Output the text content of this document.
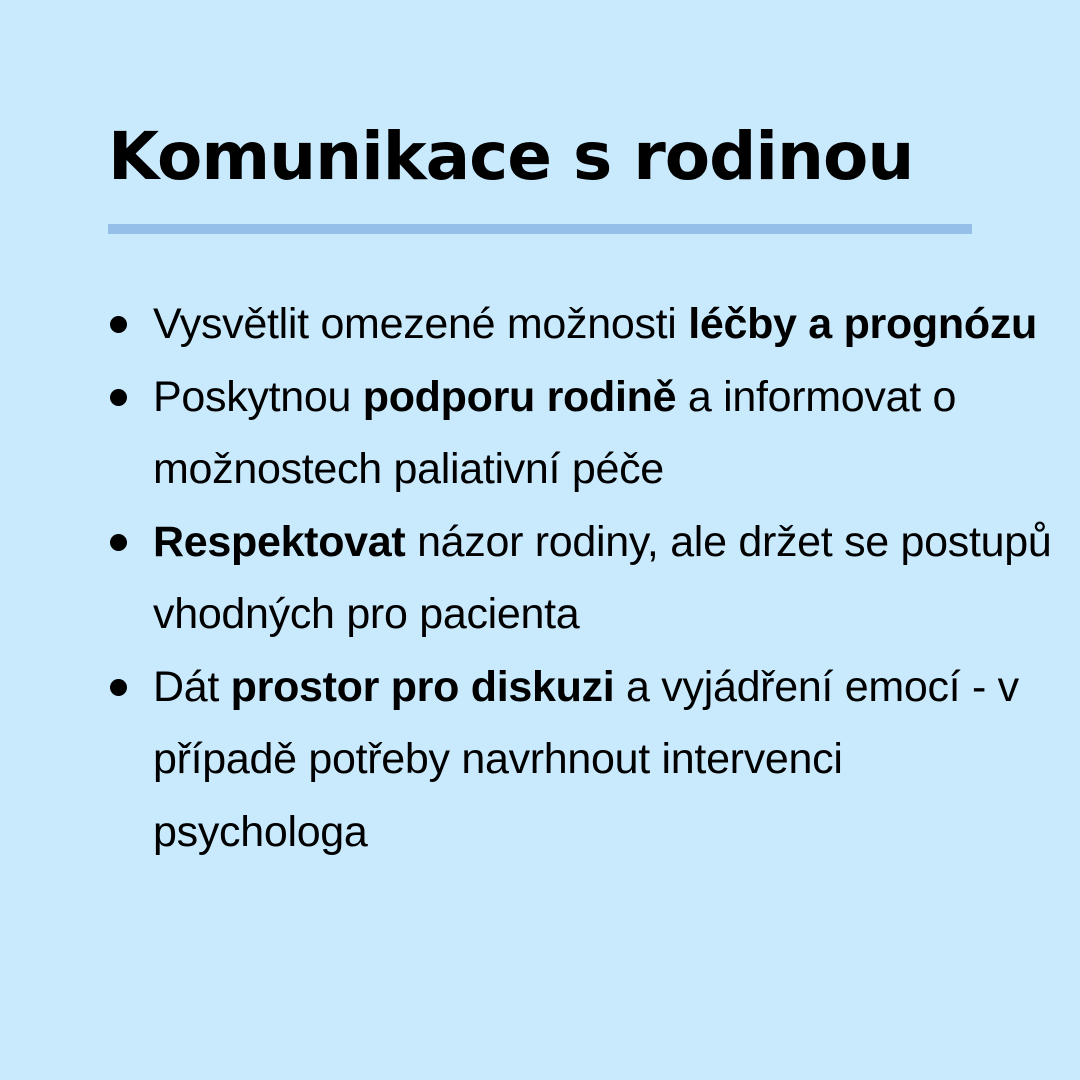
Komunikace s rodinou
Vysvětlit omezené možnosti léčby a prognózu
Poskytnou podporu rodině a informovat o možnostech paliativní péče
Respektovat názor rodiny, ale držet se postupů vhodných pro pacienta
Dát prostor pro diskuzi a vyjádření emocí - v případě potřeby navrhnout intervenci psychologa
